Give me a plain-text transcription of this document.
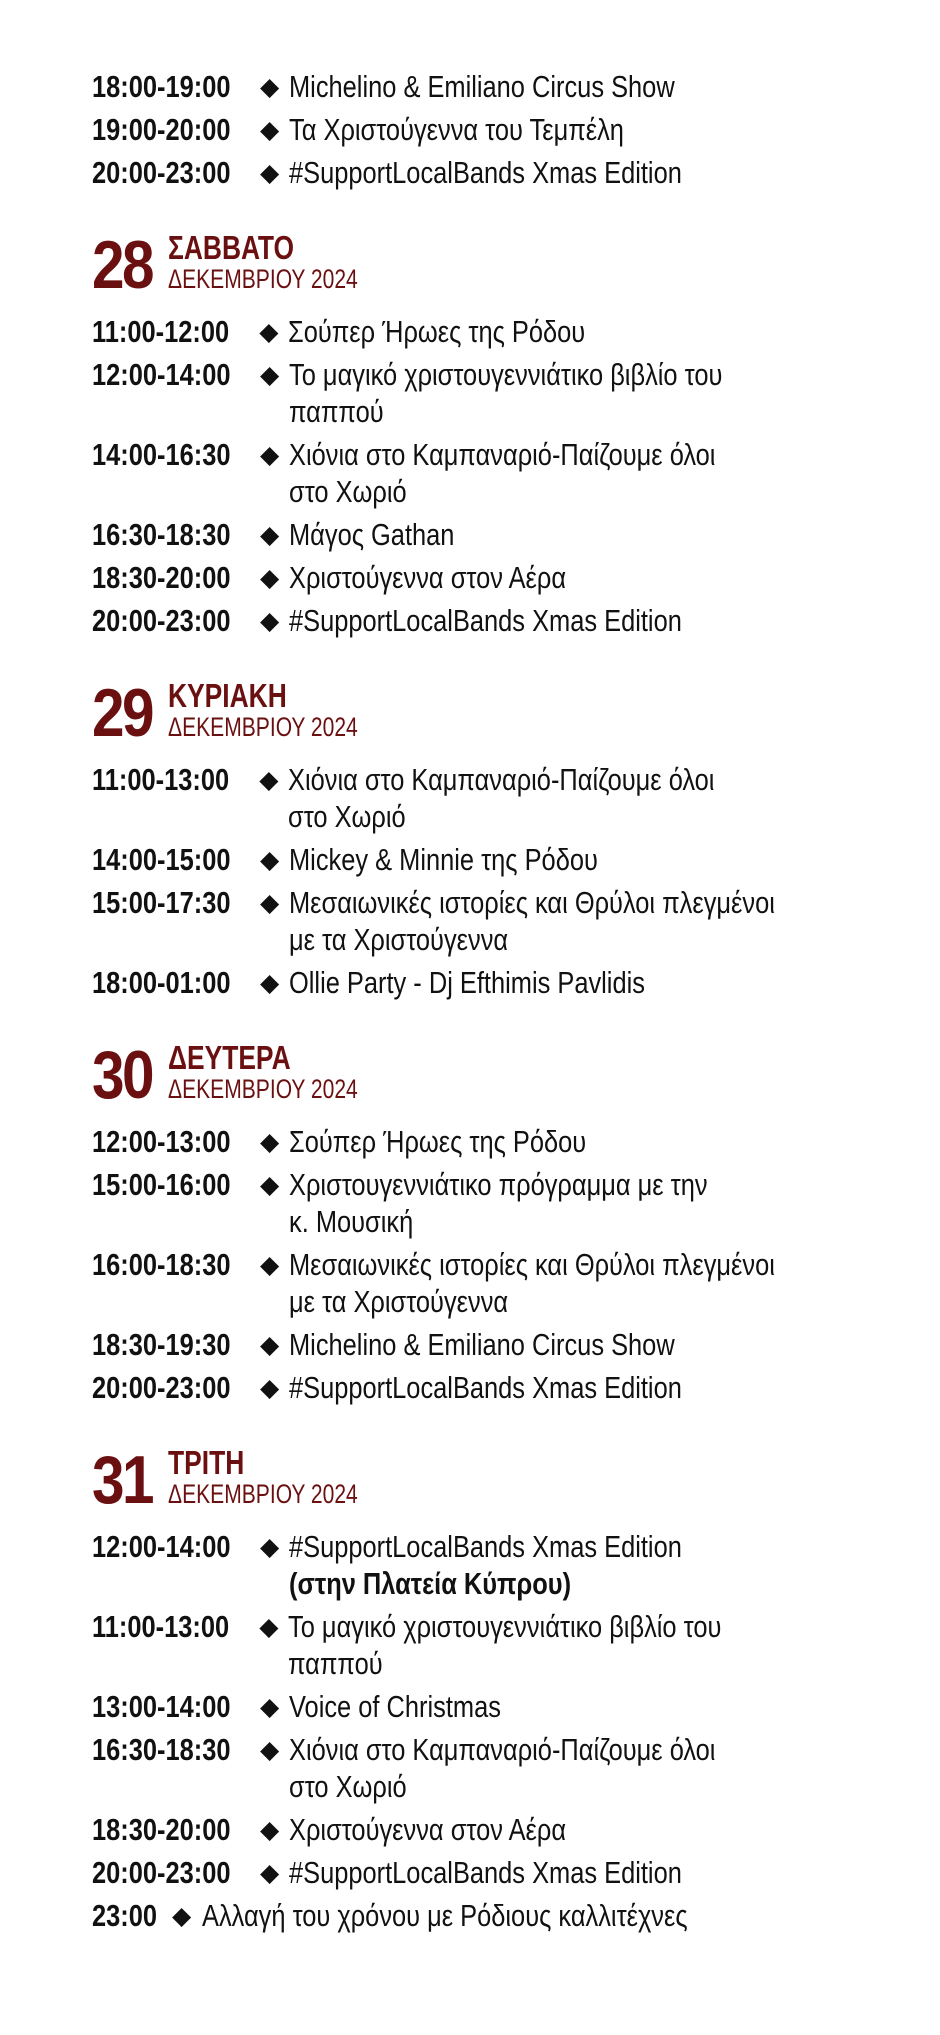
18:00-19:00 ◆ Michelino & Emiliano Circus Show
19:00-20:00 ◆ Τα Χριστούγεννα του Τεμπέλη
20:00-23:00 ◆ #SupportLocalBands Xmas Edition
28 ΣΑΒΒΑΤΟ
ΔΕΚΕΜΒΡΙΟΥ 2024
11:00-12:00 ◆ Σούπερ Ήρωες της Ρόδου
12:00-14:00 ◆ Το μαγικό χριστουγεννιάτικο βιβλίο του
παππού
14:00-16:30 ◆ Χιόνια στο Καμπαναριό-Παίζουμε όλοι
στο Χωριό
16:30-18:30 ◆ Μάγος Gathan
18:30-20:00 ◆ Χριστούγεννα στον Αέρα
20:00-23:00 ◆ #SupportLocalBands Xmas Edition
29 ΚΥΡΙΑΚΗ
ΔΕΚΕΜΒΡΙΟΥ 2024
11:00-13:00 ◆ Χιόνια στο Καμπαναριό-Παίζουμε όλοι
στο Χωριό
14:00-15:00 ◆ Mickey & Minnie της Ρόδου
15:00-17:30 ◆ Μεσαιωνικές ιστορίες και Θρύλοι πλεγμένοι
με τα Χριστούγεννα
18:00-01:00 ◆ Ollie Party - Dj Efthimis Pavlidis
30 ΔΕΥΤΕΡΑ
ΔΕΚΕΜΒΡΙΟΥ 2024
12:00-13:00 ◆ Σούπερ Ήρωες της Ρόδου
15:00-16:00 ◆ Χριστουγεννιάτικο πρόγραμμα με την
κ. Μουσική
16:00-18:30 ◆ Μεσαιωνικές ιστορίες και Θρύλοι πλεγμένοι
με τα Χριστούγεννα
18:30-19:30 ◆ Michelino & Emiliano Circus Show
20:00-23:00 ◆ #SupportLocalBands Xmas Edition
31 ΤΡΙΤΗ
ΔΕΚΕΜΒΡΙΟΥ 2024
12:00-14:00 ◆ #SupportLocalBands Xmas Edition
(στην Πλατεία Κύπρου)
11:00-13:00 ◆ Το μαγικό χριστουγεννιάτικο βιβλίο του
παππού
13:00-14:00 ◆ Voice of Christmas
16:30-18:30 ◆ Χιόνια στο Καμπαναριό-Παίζουμε όλοι
στο Χωριό
18:30-20:00 ◆ Χριστούγεννα στον Αέρα
20:00-23:00 ◆ #SupportLocalBands Xmas Edition
23:00 ◆ Αλλαγή του χρόνου με Ρόδιους καλλιτέχνες
